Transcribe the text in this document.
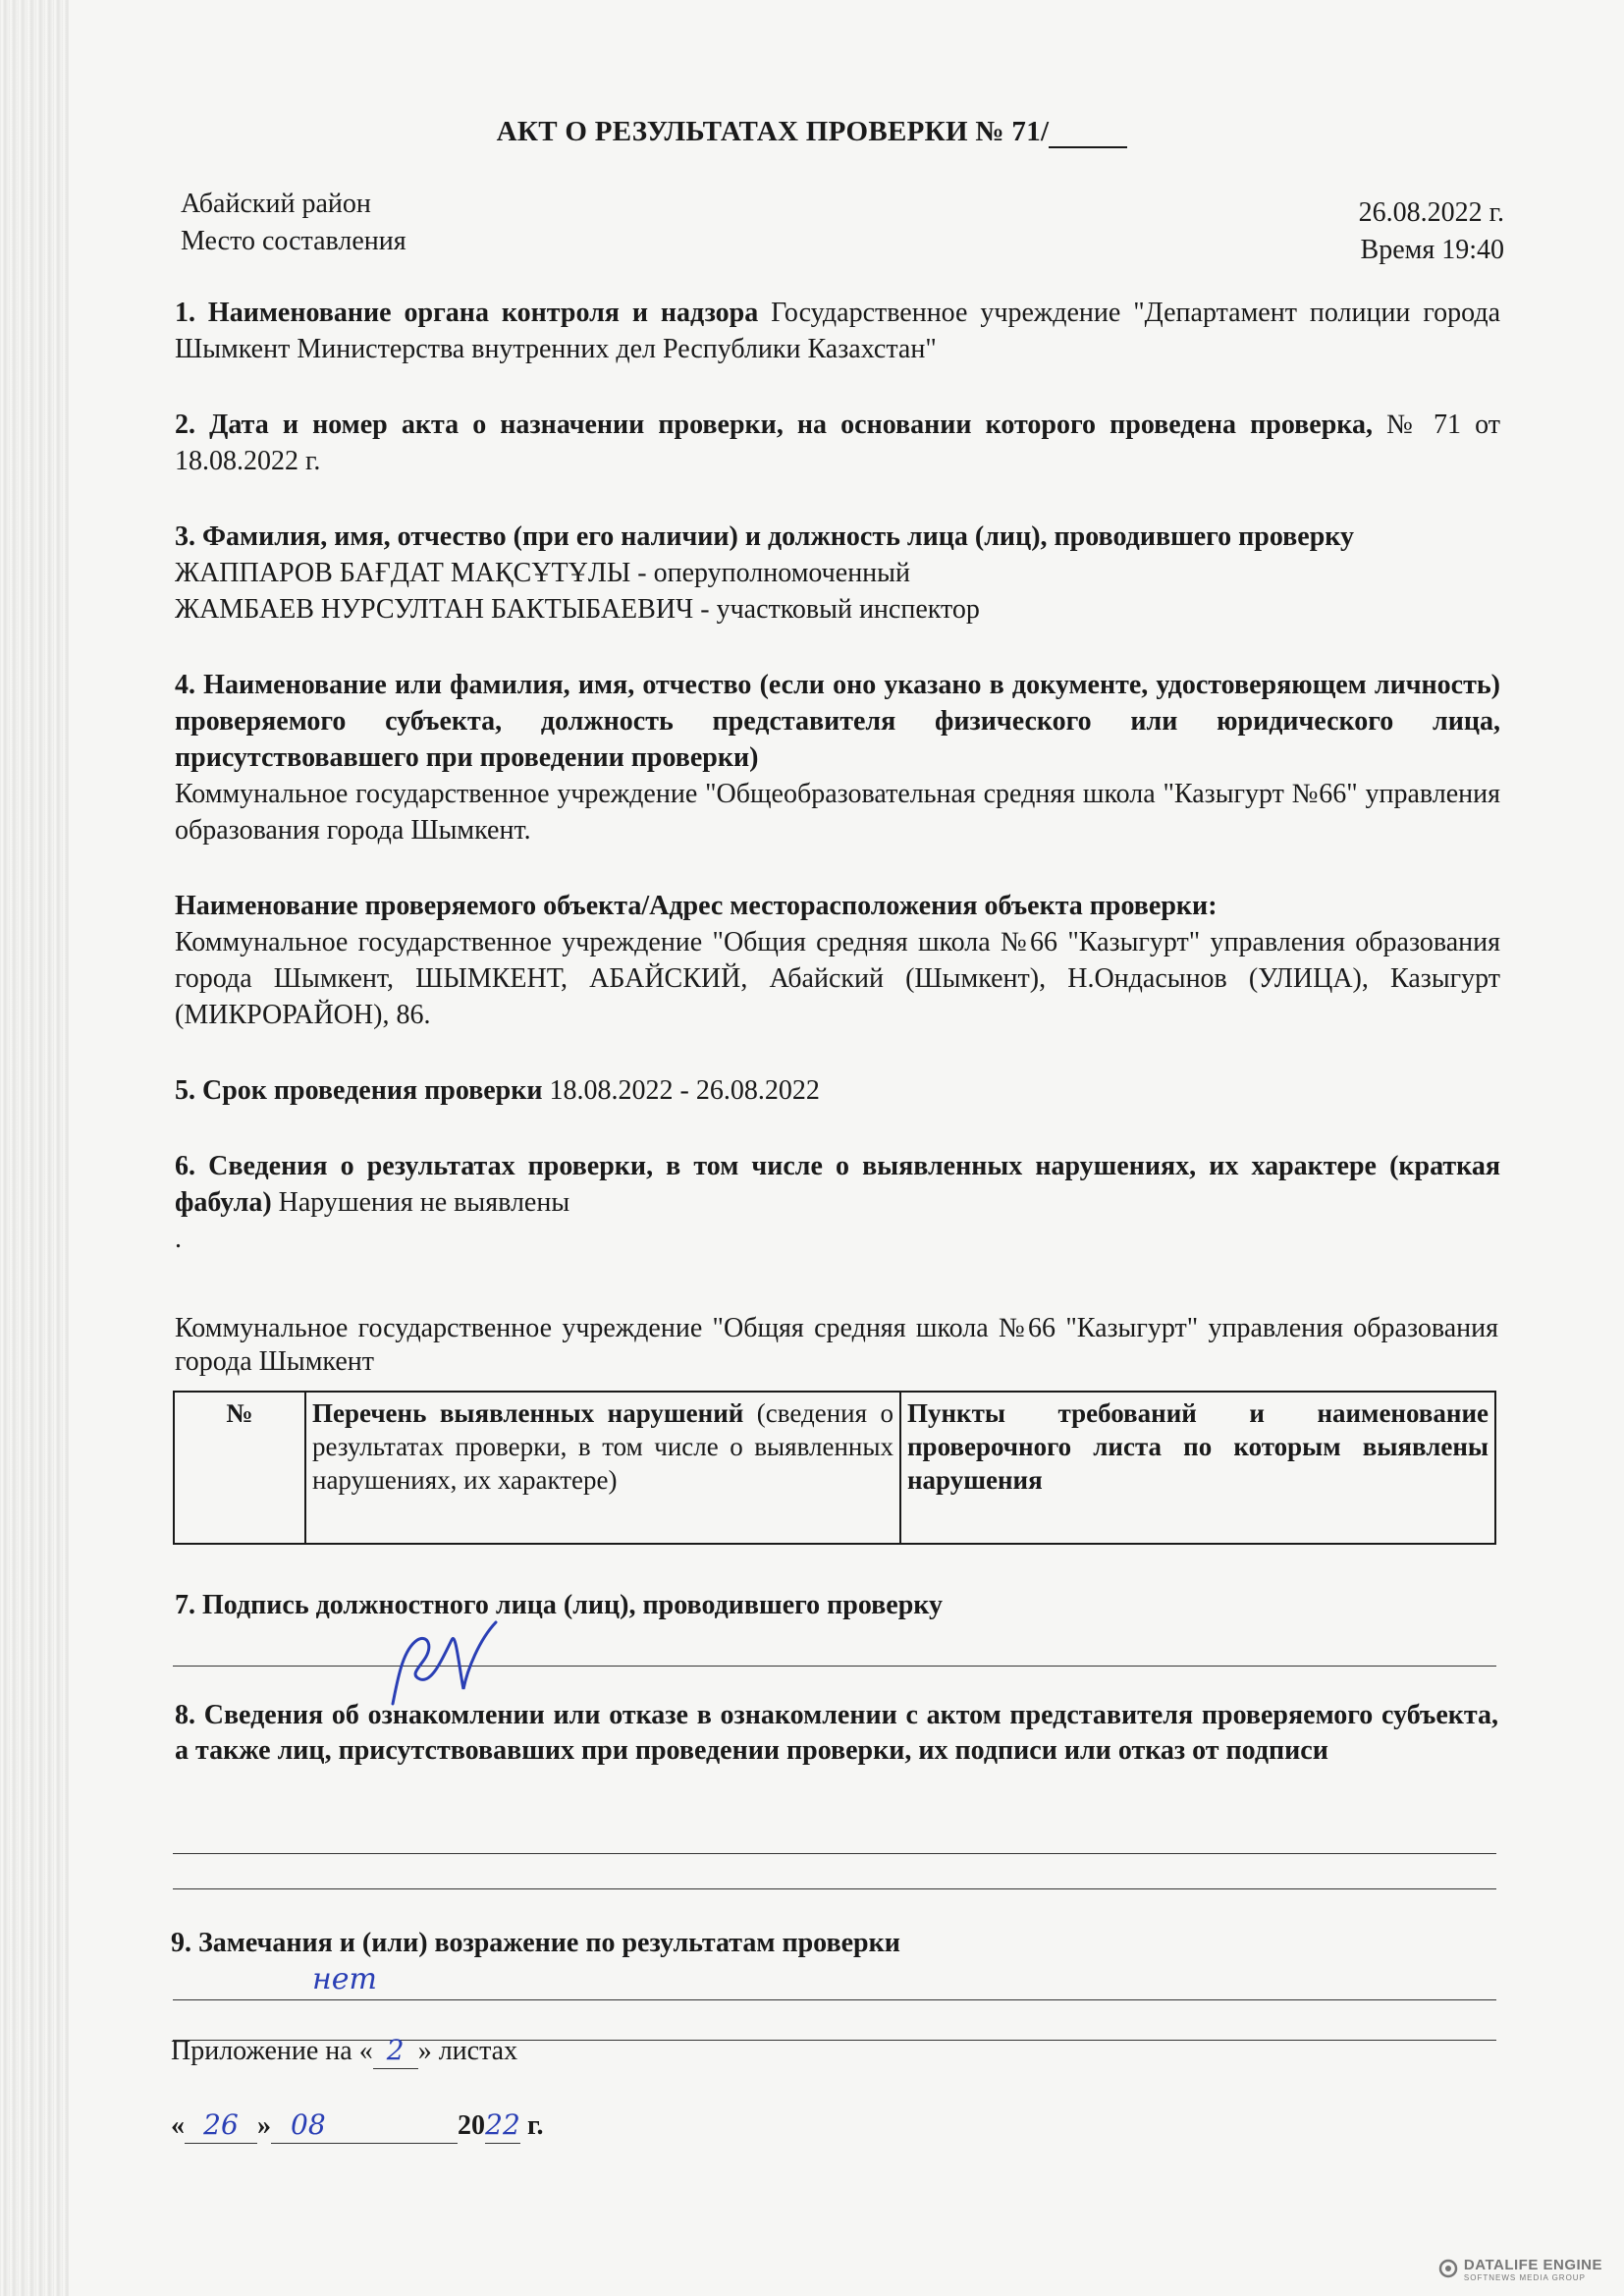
АКТ О РЕЗУЛЬТАТАХ ПРОВЕРКИ № 71/
Абайский район
Место составления
26.08.2022 г.
Время 19:40
1. Наименование органа контроля и надзора Государственное учреждение "Департамент полиции города Шымкент Министерства внутренних дел Республики Казахстан"
2. Дата и номер акта о назначении проверки, на основании которого проведена проверка, № 71 от 18.08.2022 г.
3. Фамилия, имя, отчество (при его наличии) и должность лица (лиц), проводившего проверку
ЖАППАРОВ БАҒДАТ МАҚСҰТҰЛЫ - оперуполномоченный
ЖАМБАЕВ НУРСУЛТАН БАКТЫБАЕВИЧ - участковый инспектор
4. Наименование или фамилия, имя, отчество (если оно указано в документе, удостоверяющем личность) проверяемого субъекта, должность представителя физического или юридического лица, присутствовавшего при проведении проверки)
Коммунальное государственное учреждение "Общеобразовательная средняя школа "Казыгурт №66" управления образования города Шымкент.
Наименование проверяемого объекта/Адрес месторасположения объекта проверки:
Коммунальное государственное учреждение "Общия средняя школа №66 "Казыгурт" управления образования города Шымкент, ШЫМКЕНТ, АБАЙСКИЙ, Абайский (Шымкент), Н.Ондасынов (УЛИЦА), Казыгурт (МИКРОРАЙОН), 86.
5. Срок проведения проверки 18.08.2022 - 26.08.2022
6. Сведения о результатах проверки, в том числе о выявленных нарушениях, их характере (краткая фабула) Нарушения не выявлены
.
Коммунальное государственное учреждение "Общяя средняя школа №66 "Казыгурт" управления образования города Шымкент
№	Перечень выявленных нарушений (сведения о результатах проверки, в том числе о выявленных нарушениях, их характере)	Пункты требований и наименование проверочного листа по которым выявлены нарушения
7. Подпись должностного лица (лиц), проводившего проверку
8. Сведения об ознакомлении или отказе в ознакомлении с актом представителя проверяемого субъекта, а также лиц, присутствовавших при проведении проверки, их подписи или отказ от подписи
9. Замечания и (или) возражение по результатам проверки
нет
Приложение на « 2 » листах
« 26 » 08	2022 г.
DATALIFE ENGINE
SOFTNEWS MEDIA GROUP
